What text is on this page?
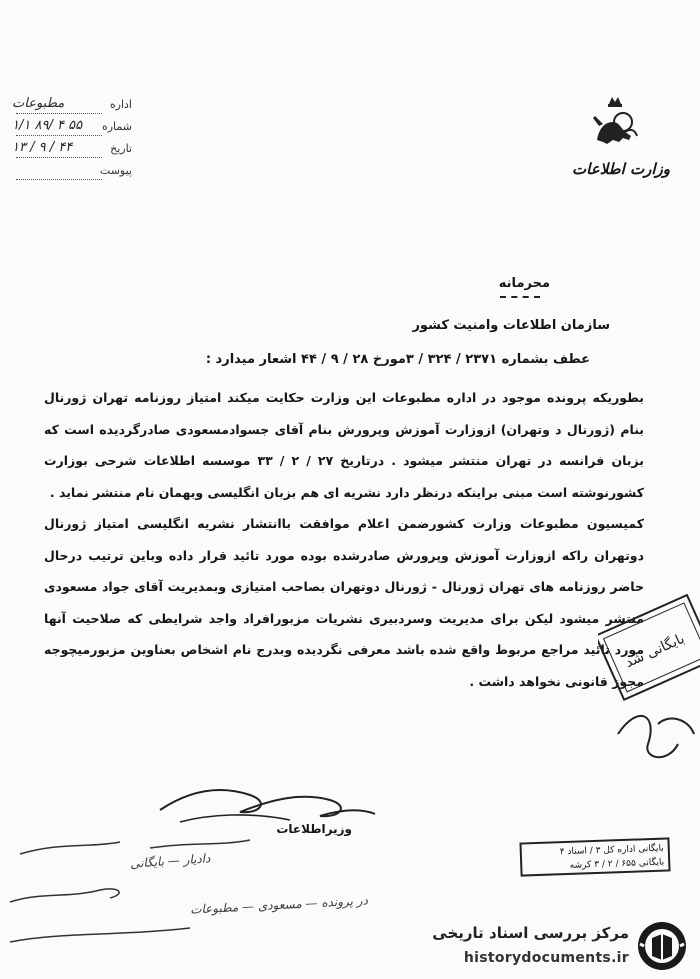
اداره
مطبوعات
شماره
۵۵ ۴ /۸۹ ۱/۱
تاریخ
۴۴ / ۹ / ۱۳
پیوست	وزارت اطلاعات
محرمانه
سازمان اطلاعات وامنیت کشور
عطف بشماره ۲۳۷۱ / ۳۲۴ / ۳مورخ ۲۸ / ۹ / ۴۴ اشعار میدارد :

بطوریکه پرونده موجود در اداره مطبوعات این وزارت حکایت میکند امتیاز روزنامه تهران ژورنال بنام (ژورنال د وتهران) ازوزارت آموزش وپرورش بنام آقای جسوادمسعودی صادرگردیده است که بزبان فرانسه در تهران منتشر میشود . درتاریخ ۲۷ / ۲ / ۳۳ موسسه اطلاعات شرحی بوزارت کشورنوشته است مبنی براینکه درنظر دارد نشریه ای هم بزبان انگلیسی وبهمان نام منتشر نماید .

کمیسیون مطبوعات وزارت کشورضمن اعلام موافقت باانتشار نشریه انگلیسی امتیاز ژورنال دوتهران راکه ازوزارت آموزش وپرورش صادرشده بوده مورد تائید قرار داده وباین ترتیب درحال حاضر روزنامه های تهران ژورنال - ژورنال دوتهران بصاحب امتیازی وبمدیریت آقای جواد مسعودی منتشر میشود لیکن برای مدیریت وسردبیری نشریات مزبورافراد واجد شرایطی که صلاحیت آنها مورد تائید مراجع مربوط واقع شده باشد معرفی نگردیده وبدرج نام اشخاص بعناوین مزبورمیچوجه مجوز قانونی نخواهد داشت .

وزیراطلاعات
در پرونده — مسعودی — مطبوعات
دادیار — بایگانی
بایگانی شد
بایگانی اداره کل ۳ / اسناد ۴
بایگانی ۶۵۵ / ۲ / ۳ کرشه
مرکز بررسی اسناد تاریخی
historydocuments.ir
